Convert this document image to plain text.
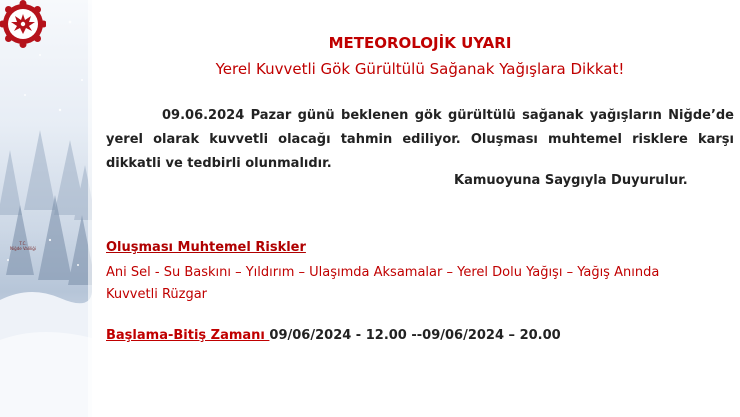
T.C.
Niğde Valiliği
METEOROLOJİK UYARI
Yerel Kuvvetli Gök Gürültülü Sağanak Yağışlara Dikkat!

09.06.2024 Pazar günü beklenen gök gürültülü sağanak yağışların Niğde’de yerel olarak kuvvetli olacağı tahmin ediliyor. Oluşması muhtemel risklere karşı dikkatli ve tedbirli olunmalıdır.

Kamuoyuna Saygıyla Duyurulur.
Oluşması Muhtemel Riskler

Ani Sel - Su Baskını – Yıldırım – Ulaşımda Aksamalar – Yerel Dolu Yağışı – Yağış Anında Kuvvetli Rüzgar

Başlama-Bitiş Zamanı 09/06/2024 - 12.00 --09/06/2024 – 20.00
